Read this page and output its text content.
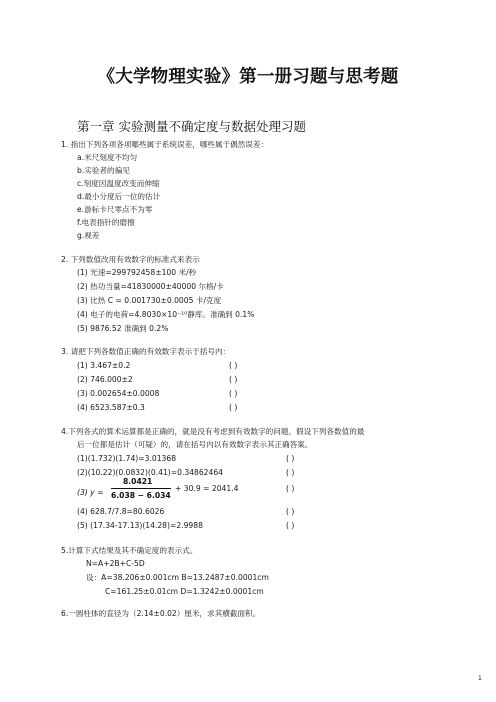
《大学物理实验》第一册习题与思考题
第一章 实验测量不确定度与数据处理习题
1. 指出下列各项各项哪些属于系统误差，哪些属于偶然误差：
a.米尺刻度不均匀
b.实验者的偏见
c.刻度因温度改变而伸缩
d.最小分度后一位的估计
e.游标卡尺零点不为零
f.电表指针的磨擦
g.视差
2. 下列数值改用有效数字的标准式来表示
(1) 光速=299792458±100 米/秒
(2) 热功当量=41830000±40000 尔格/卡
(3) 比热 C = 0.001730±0.0005 卡/克度
(4) 电子的电荷=4.8030×10⁻¹⁰静库。准确到 0.1%
(5) 9876.52 准确到 0.2%
3. 请把下列各数值正确的有效数字表示于括号内：
(1) 3.467±0.2	( )
(2) 746.000±2	( )
(3) 0.002654±0.0008	( )
(4) 6523.587±0.3	( )
4.下列各式的算术运算都是正确的，就是没有考虑到有效数字的问题。假设下列各数值的最
后一位都是估计（可疑）的，请在括号内以有效数字表示其正确答案。
(1)(1.732)(1.74)=3.01368	( )
(2)(10.22)(0.0832)(0.41)=0.34862464	( )
(3) y =
8.0421
6.038 − 6.034
+ 30.9 = 2041.4	( )
(4) 628.7/7.8=80.6026	( )
(5) (17.34-17.13)(14.28)=2.9988	( )
5.计算下式结果及其不确定度的表示式。
N=A+2B+C-5D
设：A=38.206±0.001cm B=13.2487±0.0001cm
C=161.25±0.01cm D=1.3242±0.0001cm
6.一圆柱体的直径为（2.14±0.02）厘米，求其横截面积。
1
